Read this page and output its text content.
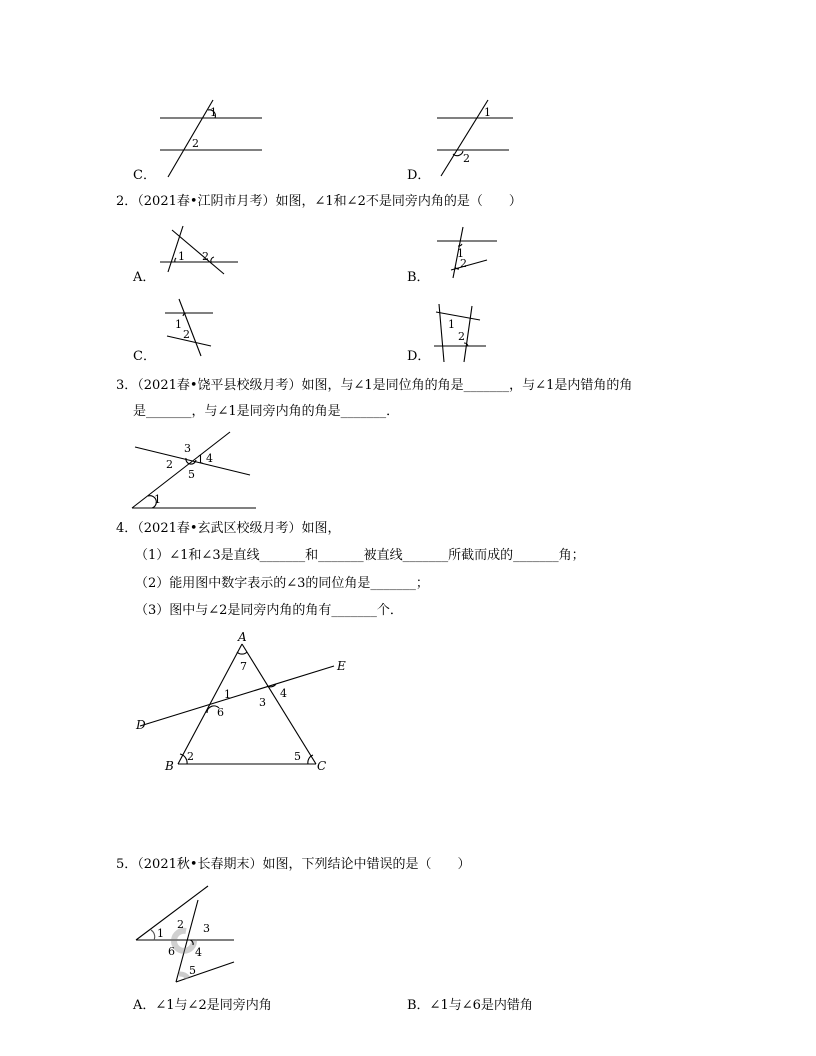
1
2
C．
1
2
D．
2．（2021春•江阴市月考）如图，∠1和∠2不是同旁内角的是（　　）
1 2
A．
1
2
B．
1
2
C．
1
2
D．
3．（2021春•饶平县校级月考）如图，与∠1是同位角的角是_______，与∠1是内错角的角
是_______，与∠1是同旁内角的角是_______．
3
2 1 4
5
1
4．（2021春•玄武区校级月考）如图，
（1）∠1和∠3是直线_______和_______被直线_______所截而成的_______角；
（2）能用图中数字表示的∠3的同位角是_______；
（3）图中与∠2是同旁内角的角有_______个．
A
B	C
D
E
7
1
6
3
4
2	5
5．（2021秋•长春期末）如图，下列结论中错误的是（　　）
1
2 3
6 4
5
A．∠1与∠2是同旁内角	B．∠1与∠6是内错角
